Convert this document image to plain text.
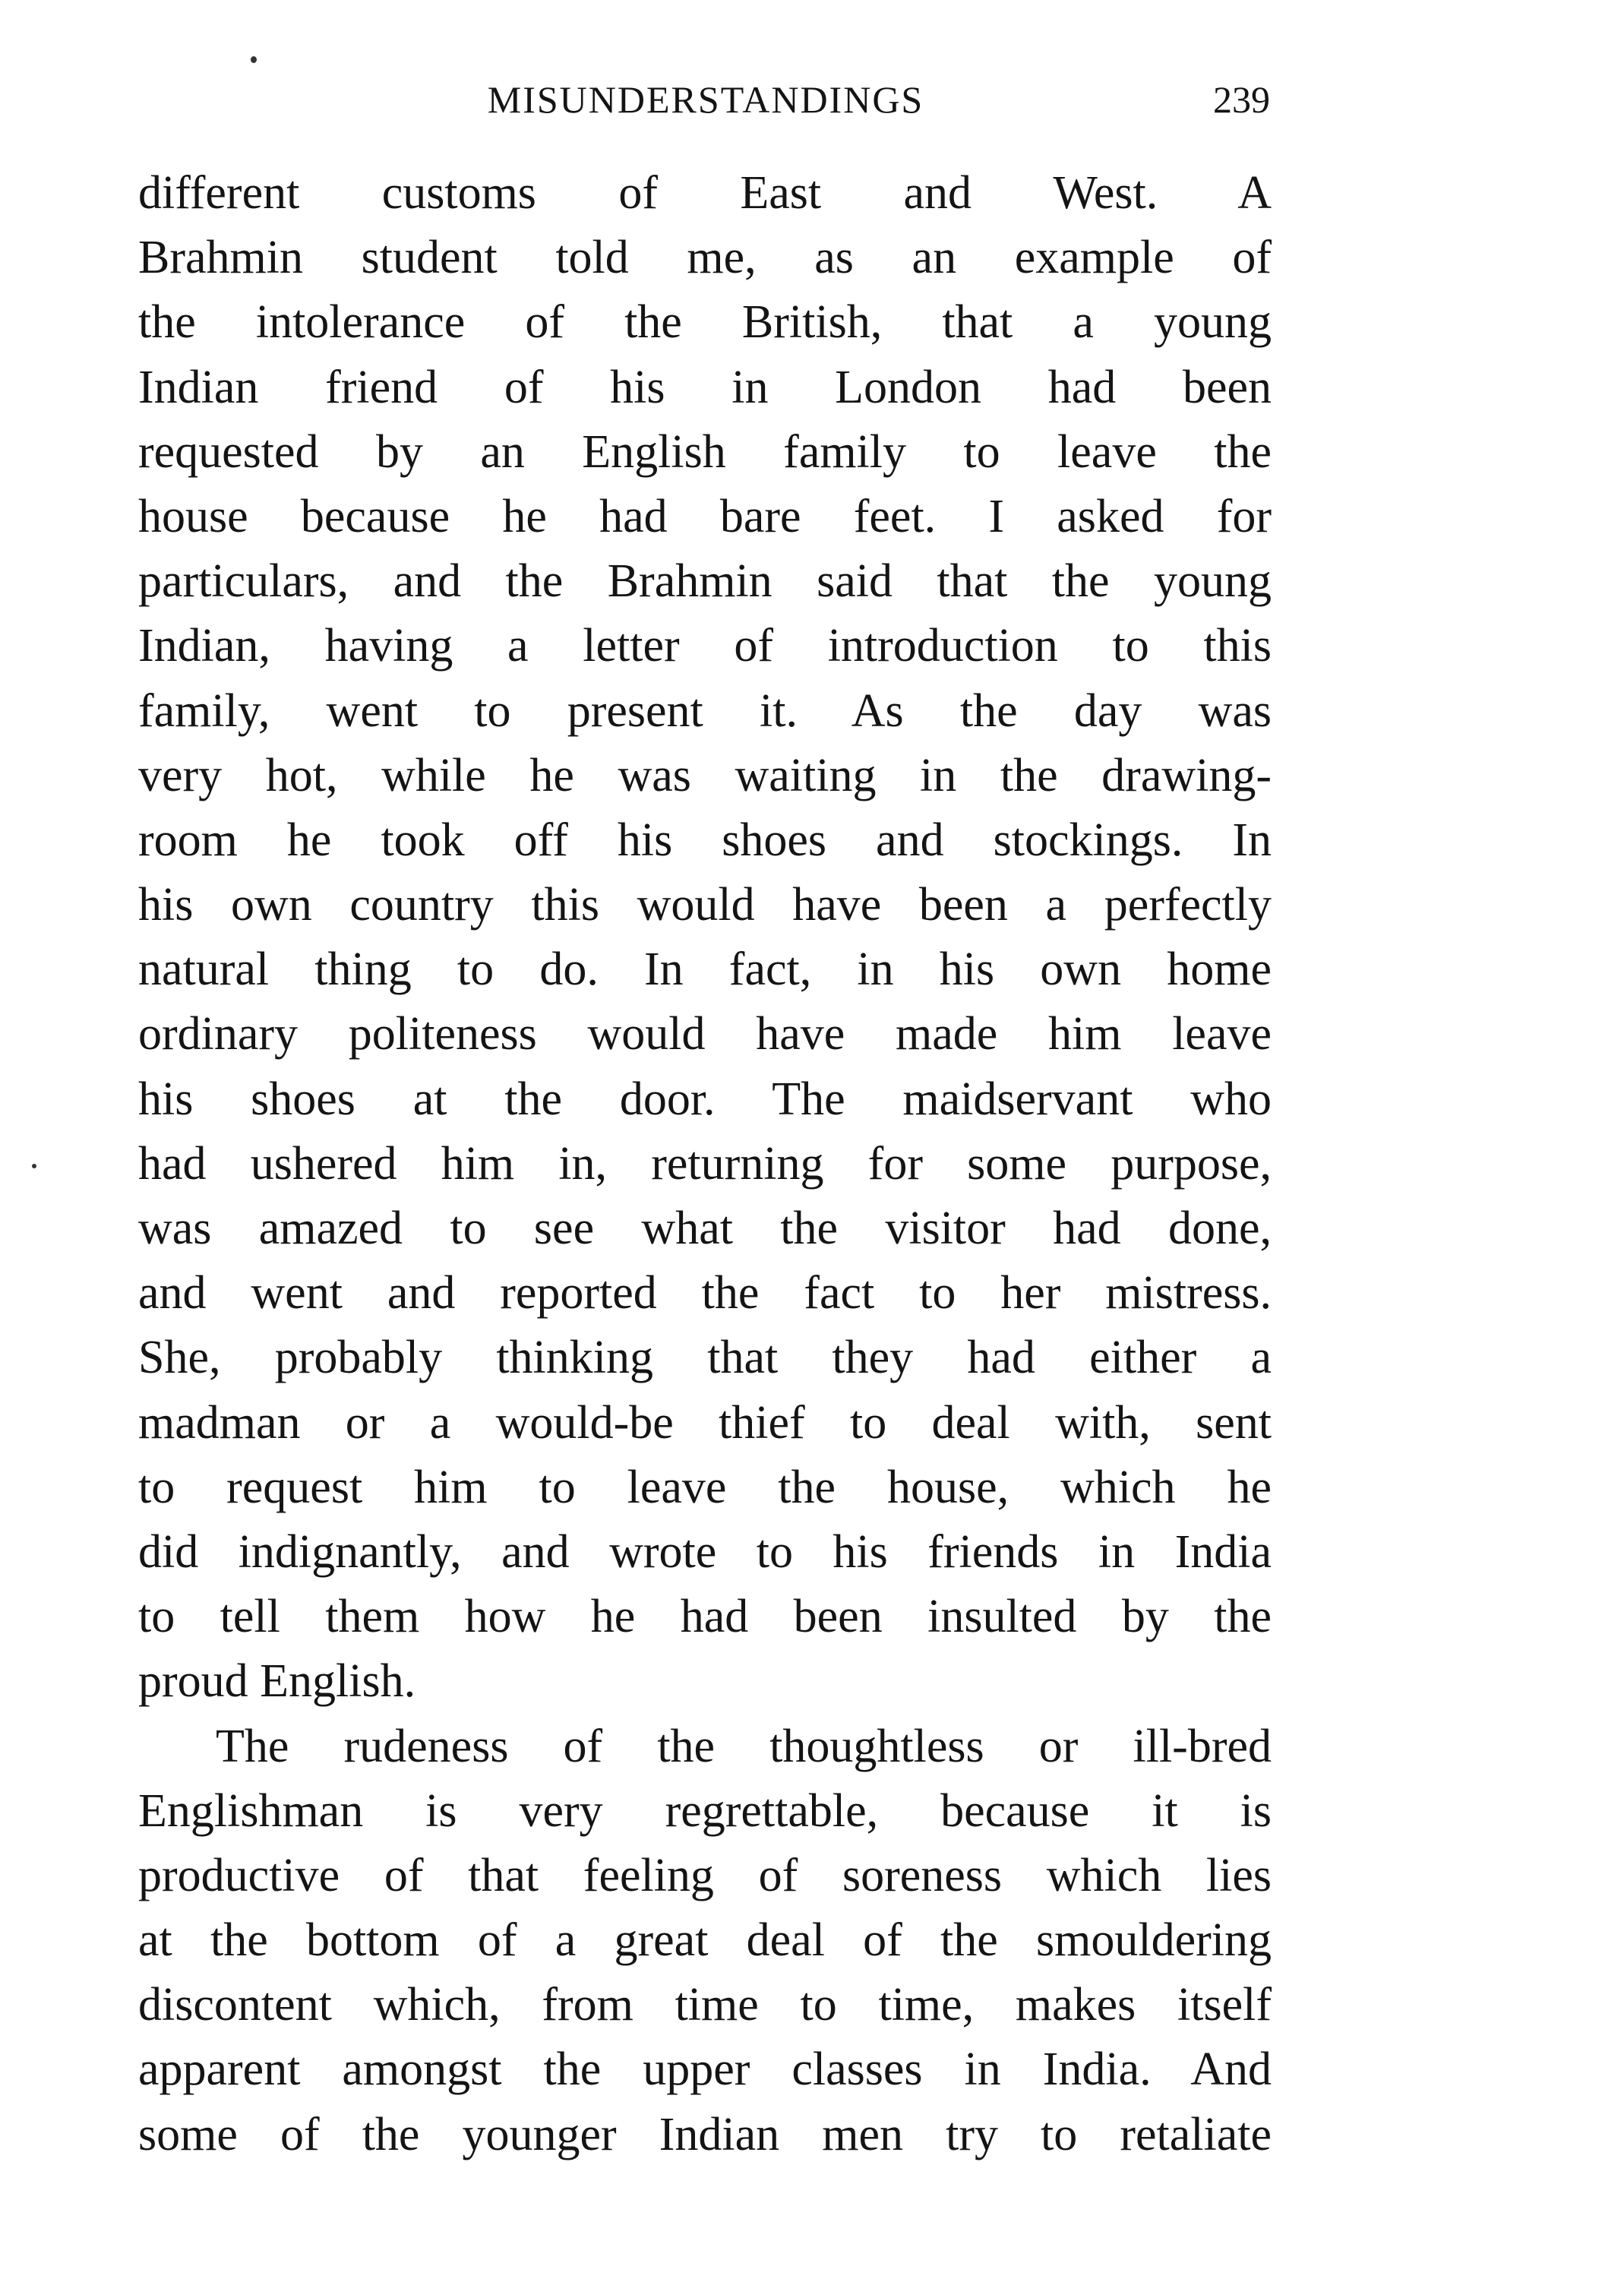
MISUNDERSTANDINGS	239
different customs of East and West. A
Brahmin student told me, as an example of
the intolerance of the British, that a young
Indian friend of his in London had been
requested by an English family to leave the
house because he had bare feet. I asked for
particulars, and the Brahmin said that the young
Indian, having a letter of introduction to this
family, went to present it. As the day was
very hot, while he was waiting in the drawing-
room he took off his shoes and stockings. In
his own country this would have been a perfectly
natural thing to do. In fact, in his own home
ordinary politeness would have made him leave
his shoes at the door. The maidservant who
had ushered him in, returning for some purpose,
was amazed to see what the visitor had done,
and went and reported the fact to her mistress.
She, probably thinking that they had either a
madman or a would-be thief to deal with, sent
to request him to leave the house, which he
did indignantly, and wrote to his friends in India
to tell them how he had been insulted by the
proud English.
The rudeness of the thoughtless or ill-bred
Englishman is very regrettable, because it is
productive of that feeling of soreness which lies
at the bottom of a great deal of the smouldering
discontent which, from time to time, makes itself
apparent amongst the upper classes in India. And
some of the younger Indian men try to retaliate
